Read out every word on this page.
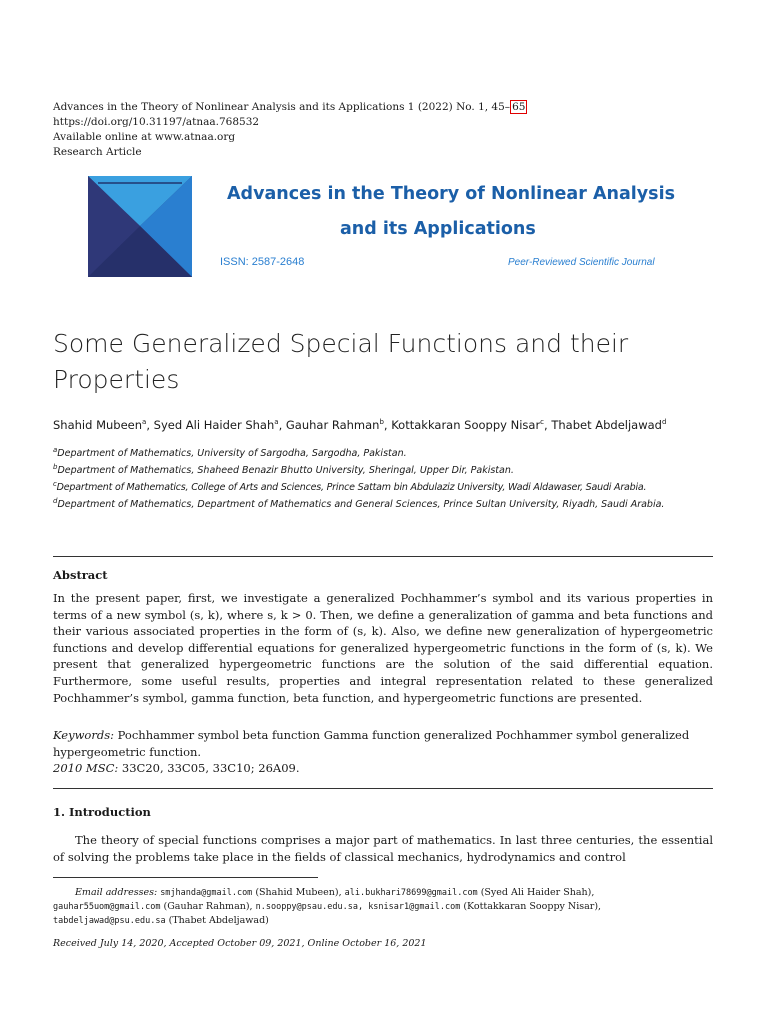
Advances in the Theory of Nonlinear Analysis and its Applications 1 (2022) No. 1, 45– 65
https://doi.org/10.31197/atnaa.768532
Available online at www.atnaa.org
Research Article
Advances in the Theory of Nonlinear Analysis
and its Applications
ISSN: 2587-2648	Peer-Reviewed Scientific Journal
Some Generalized Special Functions and their
Properties
Shahid Mubeen$^a$, Syed Ali Haider Shah$^a$, Gauhar Rahman$^b$, Kottakkaran Sooppy Nisar$^c$, Thabet Abdeljawad$^d$
$^a$Department of Mathematics, University of Sargodha, Sargodha, Pakistan.
$^b$Department of Mathematics, Shaheed Benazir Bhutto University, Sheringal, Upper Dir, Pakistan.
$^c$Department of Mathematics, College of Arts and Sciences, Prince Sattam bin Abdulaziz University, Wadi Aldawaser, Saudi Arabia.
$^d$Department of Mathematics, Department of Mathematics and General Sciences, Prince Sultan University, Riyadh, Saudi Arabia.
Abstract
In the present paper, first, we investigate a generalized Pochhammer’s symbol and its various properties in terms of a new symbol (s, k), where s, k > 0. Then, we define a generalization of gamma and beta functions and their various associated properties in the form of (s, k). Also, we define new generalization of hypergeometric functions and develop differential equations for generalized hypergeometric functions in the form of (s, k). We present that generalized hypergeometric functions are the solution of the said differential equation. Furthermore, some useful results, properties and integral representation related to these generalized Pochhammer’s symbol, gamma function, beta function, and hypergeometric functions are presented.
Keywords: Pochhammer symbol beta function Gamma function generalized Pochhammer symbol generalized hypergeometric function.
2010 MSC: 33C20, 33C05, 33C10; 26A09.
1. Introduction
The theory of special functions comprises a major part of mathematics. In last three centuries, the essential of solving the problems take place in the fields of classical mechanics, hydrodynamics and control
Email addresses: smjhanda@gmail.com (Shahid Mubeen), ali.bukhari78699@gmail.com (Syed Ali Haider Shah),
gauhar55uom@gmail.com (Gauhar Rahman), n.sooppy@psau.edu.sa, ksnisar1@gmail.com (Kottakkaran Sooppy Nisar),
tabdeljawad@psu.edu.sa (Thabet Abdeljawad)
Received July 14, 2020, Accepted October 09, 2021, Online October 16, 2021
